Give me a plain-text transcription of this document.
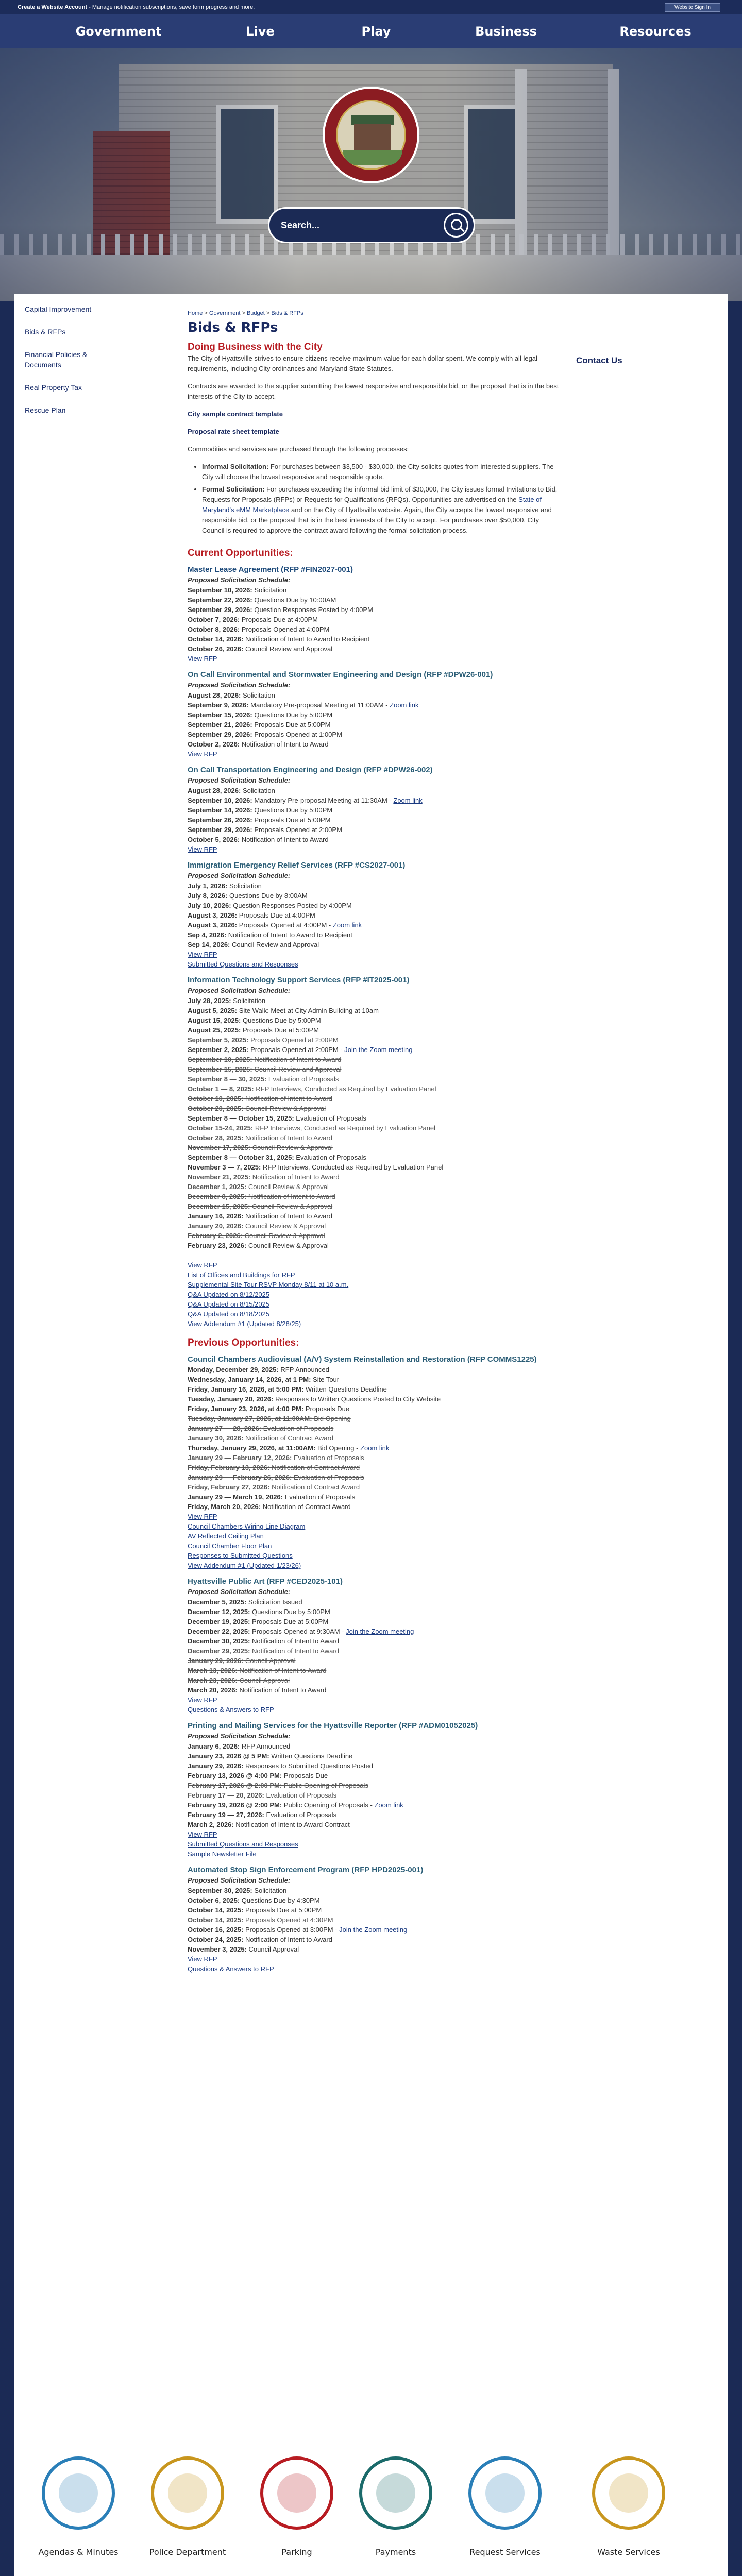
Create a Website Account - Manage notification subscriptions, save form progress and more.	Website Sign In
Government	Live	Play	Business	Resources
Search...
Capital Improvement
Bids & RFPs
Financial Policies & Documents
Real Property Tax
Rescue Plan
Contact Us
Home > Government > Budget > Bids & RFPs
Bids & RFPs
Doing Business with the City
The City of Hyattsville strives to ensure citizens receive maximum value for each dollar spent. We comply with all legal requirements, including City ordinances and Maryland State Statutes.
Contracts are awarded to the supplier submitting the lowest responsive and responsible bid, or the proposal that is in the best interests of the City to accept.
City sample contract template
Proposal rate sheet template
Commodities and services are purchased through the following processes:
• Informal Solicitation: For purchases between $3,500 - $30,000, the City solicits quotes from interested suppliers. The City will choose the lowest responsive and responsible quote.
• Formal Solicitation: For purchases exceeding the informal bid limit of $30,000, the City issues formal Invitations to Bid, Requests for Proposals (RFPs) or Requests for Qualifications (RFQs). Opportunities are advertised on the State of Maryland's eMM Marketplace and on the City of Hyattsville website. Again, the City accepts the lowest responsive and responsible bid, or the proposal that is in the best interests of the City to accept. For purchases over $50,000, City Council is required to approve the contract award following the formal solicitation process.
Current Opportunities:
Master Lease Agreement (RFP #FIN2027-001)
Proposed Solicitation Schedule:
September 10, 2026: Solicitation
September 22, 2026: Questions Due by 10:00AM
September 29, 2026: Question Responses Posted by 4:00PM
October 7, 2026: Proposals Due at 4:00PM
October 8, 2026: Proposals Opened at 4:00PM
October 14, 2026: Notification of Intent to Award to Recipient
October 26, 2026: Council Review and Approval
View RFP
On Call Environmental and Stormwater Engineering and Design (RFP #DPW26-001)
Proposed Solicitation Schedule:
August 28, 2026: Solicitation
September 9, 2026: Mandatory Pre-proposal Meeting at 11:00AM - Zoom link
September 15, 2026: Questions Due by 5:00PM
September 21, 2026: Proposals Due at 5:00PM
September 29, 2026: Proposals Opened at 1:00PM
October 2, 2026: Notification of Intent to Award
View RFP
On Call Transportation Engineering and Design (RFP #DPW26-002)
Proposed Solicitation Schedule:
August 28, 2026: Solicitation
September 10, 2026: Mandatory Pre-proposal Meeting at 11:30AM - Zoom link
September 14, 2026: Questions Due by 5:00PM
September 26, 2026: Proposals Due at 5:00PM
September 29, 2026: Proposals Opened at 2:00PM
October 5, 2026: Notification of Intent to Award
View RFP
Immigration Emergency Relief Services (RFP #CS2027-001)
Proposed Solicitation Schedule:
July 1, 2026: Solicitation
July 8, 2026: Questions Due by 8:00AM
July 10, 2026: Question Responses Posted by 4:00PM
August 3, 2026: Proposals Due at 4:00PM
August 3, 2026: Proposals Opened at 4:00PM - Zoom link
Sep 4, 2026: Notification of Intent to Award to Recipient
Sep 14, 2026: Council Review and Approval
View RFP
Submitted Questions and Responses
Information Technology Support Services (RFP #IT2025-001)
Proposed Solicitation Schedule:
July 28, 2025: Solicitation
August 5, 2025: Site Walk: Meet at City Admin Building at 10am
August 15, 2025: Questions Due by 5:00PM
August 25, 2025: Proposals Due at 5:00PM
September 5, 2025: Proposals Opened at 2:00PM
September 2, 2025: Proposals Opened at 2:00PM - Join the Zoom meeting
September 10, 2025: Notification of Intent to Award
September 15, 2025: Council Review and Approval
September 8 — 30, 2025: Evaluation of Proposals
October 1 — 8, 2025: RFP Interviews, Conducted as Required by Evaluation Panel
October 10, 2025: Notification of Intent to Award
October 20, 2025: Council Review & Approval
September 8 — October 15, 2025: Evaluation of Proposals
October 15-24, 2025: RFP Interviews, Conducted as Required by Evaluation Panel
October 28, 2025: Notification of Intent to Award
November 17, 2025: Council Review & Approval
September 8 — October 31, 2025: Evaluation of Proposals
November 3 — 7, 2025: RFP Interviews, Conducted as Required by Evaluation Panel
November 21, 2025: Notification of Intent to Award
December 1, 2025: Council Review & Approval
December 8, 2025: Notification of Intent to Award
December 15, 2025: Council Review & Approval
January 16, 2026: Notification of Intent to Award
January 20, 2026: Council Review & Approval
February 2, 2026: Council Review & Approval
February 23, 2026: Council Review & Approval
View RFP
List of Offices and Buildings for RFP
Supplemental Site Tour RSVP Monday 8/11 at 10 a.m.
Q&A Updated on 8/12/2025
Q&A Updated on 8/15/2025
Q&A Updated on 8/18/2025
View Addendum #1 (Updated 8/28/25)
Previous Opportunities:
Council Chambers Audiovisual (A/V) System Reinstallation and Restoration (RFP COMMS1225)
Monday, December 29, 2025: RFP Announced
Wednesday, January 14, 2026, at 1 PM: Site Tour
Friday, January 16, 2026, at 5:00 PM: Written Questions Deadline
Tuesday, January 20, 2026: Responses to Written Questions Posted to City Website
Friday, January 23, 2026, at 4:00 PM: Proposals Due
Tuesday, January 27, 2026, at 11:00AM: Bid Opening
January 27 — 28, 2026: Evaluation of Proposals
January 30, 2026: Notification of Contract Award
Thursday, January 29, 2026, at 11:00AM: Bid Opening - Zoom link
January 29 — February 12, 2026: Evaluation of Proposals
Friday, February 13, 2026: Notification of Contract Award
January 29 — February 26, 2026: Evaluation of Proposals
Friday, February 27, 2026: Notification of Contract Award
January 29 — March 19, 2026: Evaluation of Proposals
Friday, March 20, 2026: Notification of Contract Award
View RFP
Council Chambers Wiring Line Diagram
AV Reflected Ceiling Plan
Council Chamber Floor Plan
Responses to Submitted Questions
View Addendum #1 (Updated 1/23/26)
Hyattsville Public Art (RFP #CED2025-101)
Proposed Solicitation Schedule:
December 5, 2025: Solicitation Issued
December 12, 2025: Questions Due by 5:00PM
December 19, 2025: Proposals Due at 5:00PM
December 22, 2025: Proposals Opened at 9:30AM - Join the Zoom meeting
December 30, 2025: Notification of Intent to Award
December 29, 2025: Notification of Intent to Award
January 29, 2026: Council Approval
March 13, 2026: Notification of Intent to Award
March 23, 2026: Council Approval
March 20, 2026: Notification of Intent to Award
View RFP
Questions & Answers to RFP
Printing and Mailing Services for the Hyattsville Reporter (RFP #ADM01052025)
Proposed Solicitation Schedule:
January 6, 2026: RFP Announced
January 23, 2026 @ 5 PM: Written Questions Deadline
January 29, 2026: Responses to Submitted Questions Posted
February 13, 2026 @ 4:00 PM: Proposals Due
February 17, 2026 @ 2:00 PM: Public Opening of Proposals
February 17 — 20, 2026: Evaluation of Proposals
February 19, 2026 @ 2:00 PM: Public Opening of Proposals - Zoom link
February 19 — 27, 2026: Evaluation of Proposals
March 2, 2026: Notification of Intent to Award Contract
View RFP
Submitted Questions and Responses
Sample Newsletter File
Automated Stop Sign Enforcement Program (RFP HPD2025-001)
Proposed Solicitation Schedule:
September 30, 2025: Solicitation
October 6, 2025: Questions Due by 4:30PM
October 14, 2025: Proposals Due at 5:00PM
October 14, 2025: Proposals Opened at 4:30PM
October 16, 2025: Proposals Opened at 3:00PM - Join the Zoom meeting
October 24, 2025: Notification of Intent to Award
November 3, 2025: Council Approval
View RFP
Questions & Answers to RFP
Agendas & Minutes	Police Department	Parking	Payments	Request Services	Waste Services
